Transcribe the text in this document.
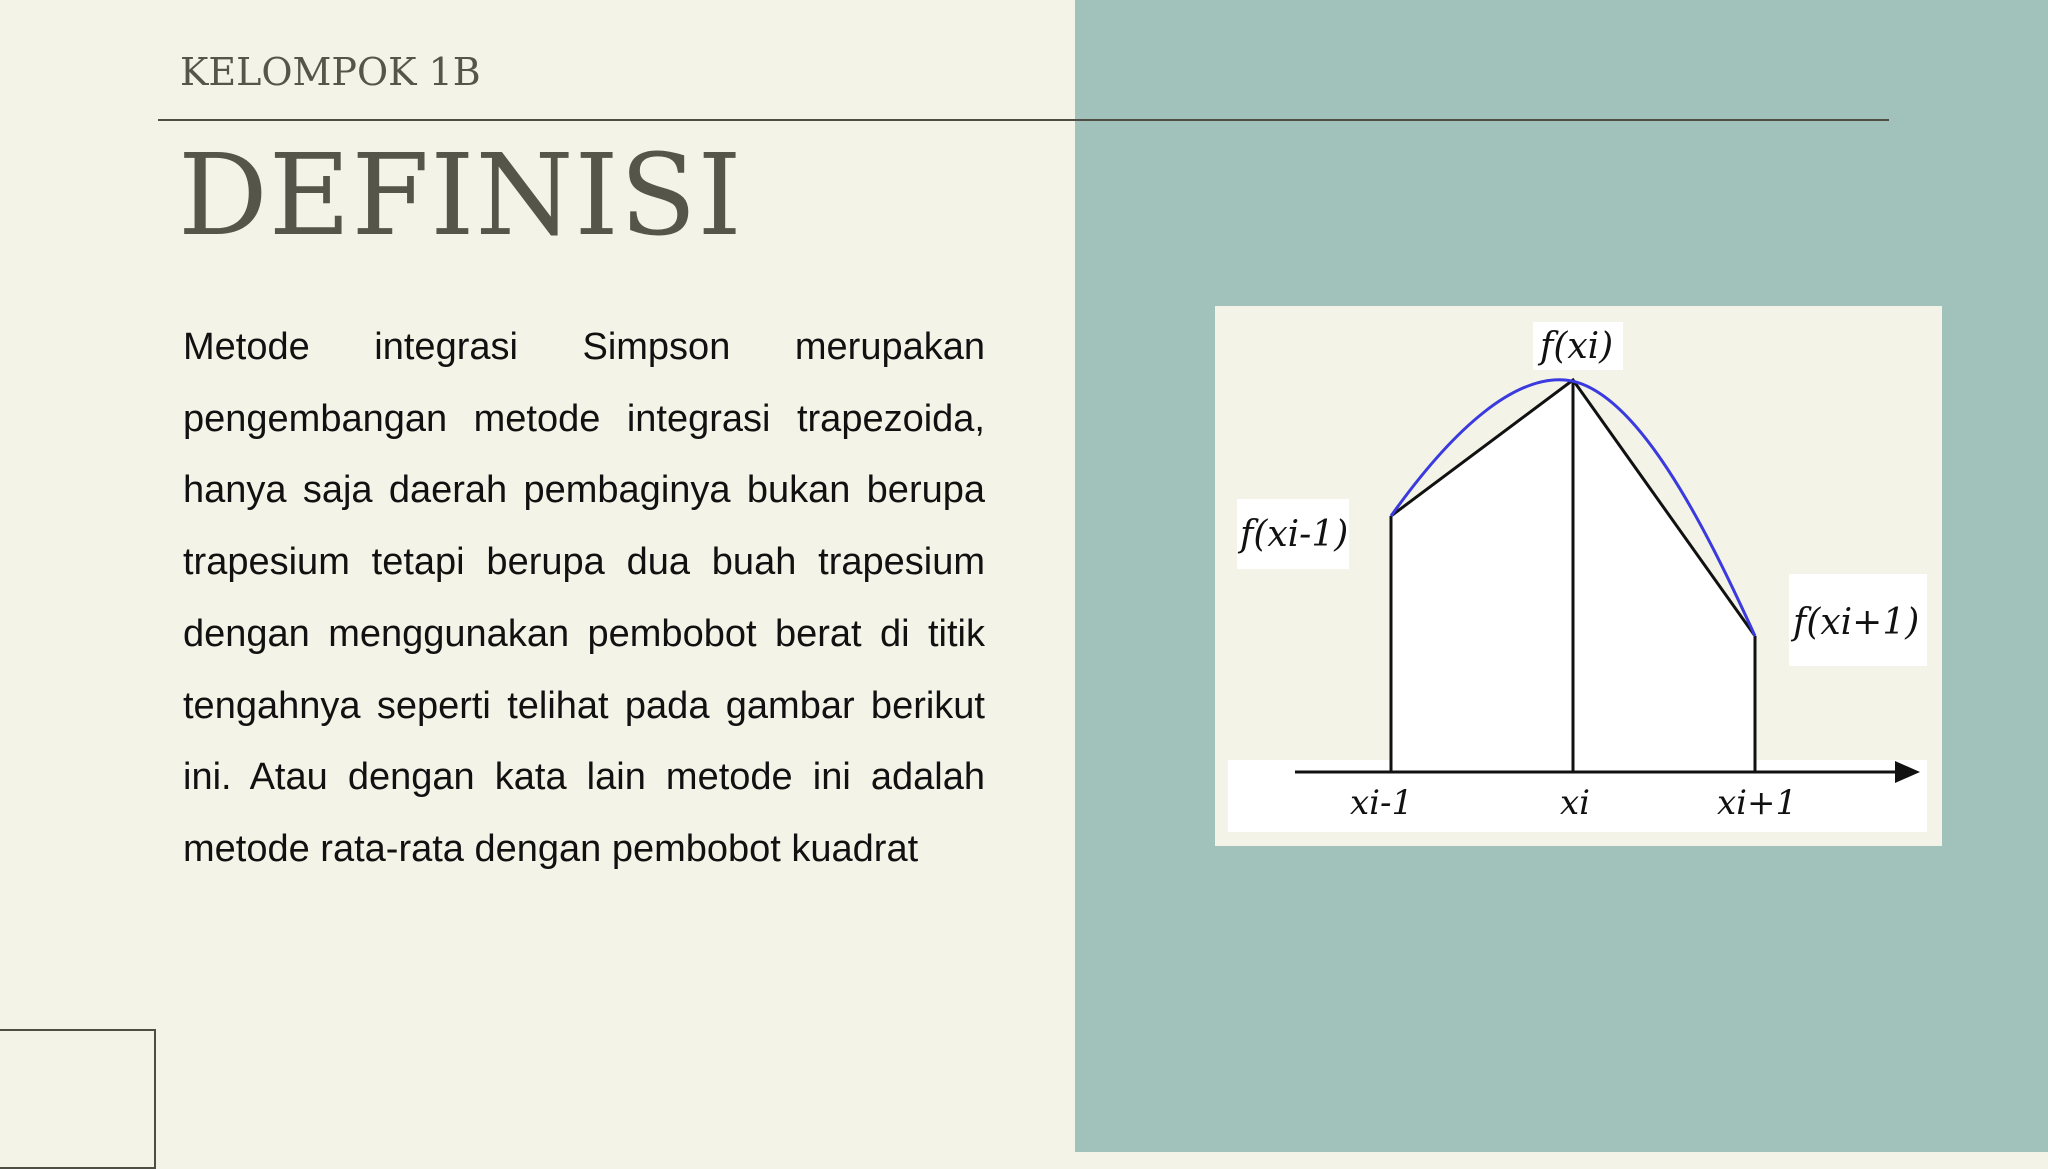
KELOMPOK 1B
DEFINISI

Metode integrasi Simpson merupakan pengembangan metode integrasi trapezoida, hanya saja daerah pembaginya bukan berupa trapesium tetapi berupa dua buah trapesium dengan menggunakan pembobot berat di titik tengahnya seperti telihat pada gambar berikut ini. Atau dengan kata lain metode ini adalah metode rata-rata dengan pembobot kuadrat

f(xi)
f(xi-1)
f(xi+1)
xi-1	xi	xi+1
